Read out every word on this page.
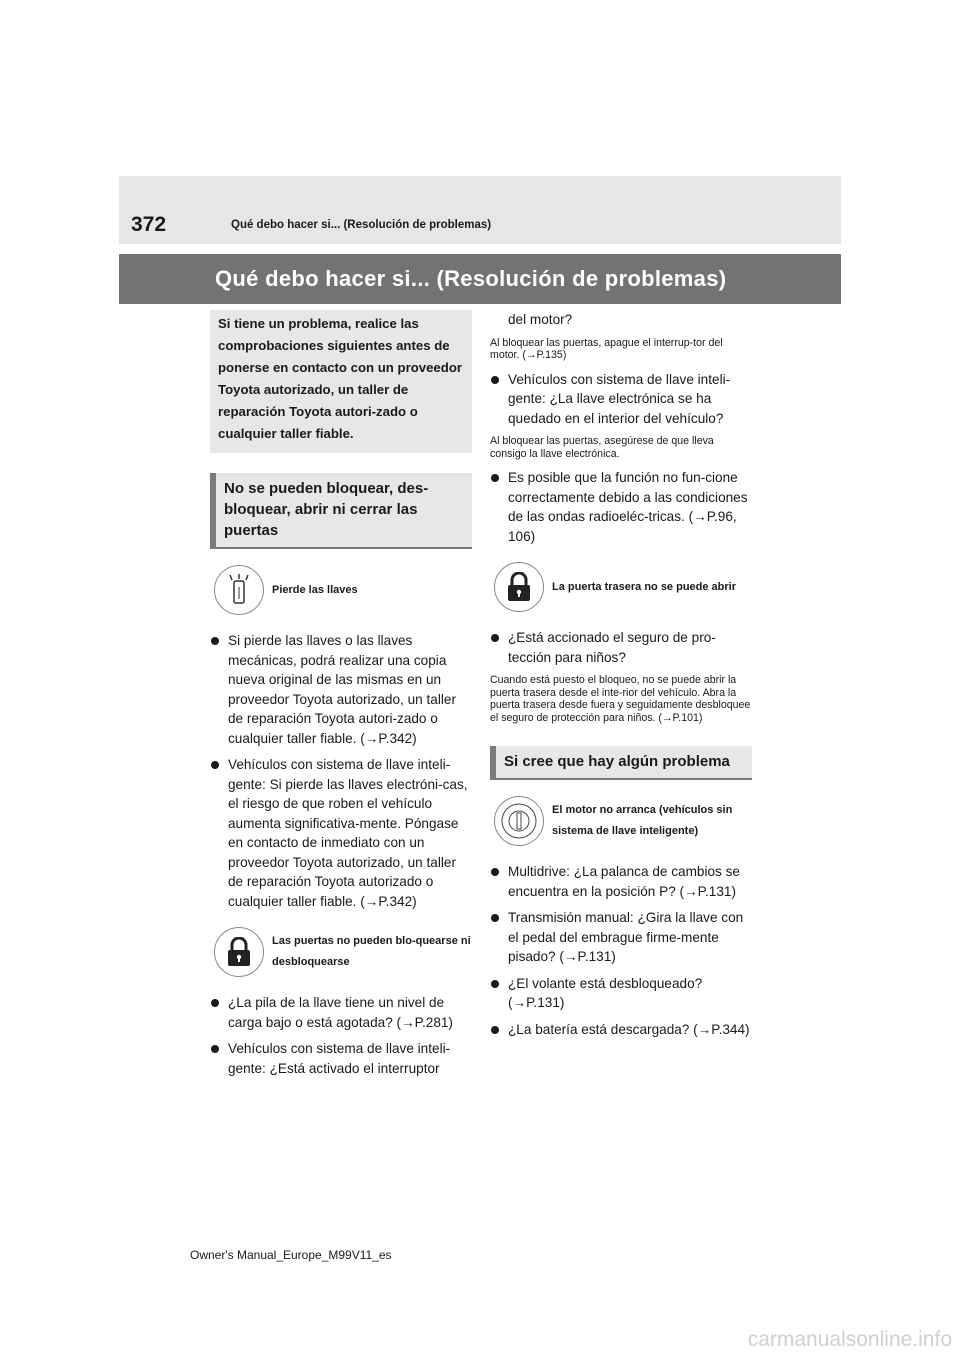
372	Qué debo hacer si... (Resolución de problemas)
Qué debo hacer si... (Resolución de problemas)
Si tiene un problema, realice las comprobaciones siguientes antes de ponerse en contacto con un proveedor Toyota autorizado, un taller de reparación Toyota autori-zado o cualquier taller fiable.
No se pueden bloquear, des-bloquear, abrir ni cerrar las puertas
Pierde las llaves
Si pierde las llaves o las llaves mecánicas, podrá realizar una copia nueva original de las mismas en un proveedor Toyota autorizado, un taller de reparación Toyota autori-zado o cualquier taller fiable. (→P.342)
Vehículos con sistema de llave inteli-gente: Si pierde las llaves electróni-cas, el riesgo de que roben el vehículo aumenta significativa-mente. Póngase en contacto de inmediato con un proveedor Toyota autorizado, un taller de reparación Toyota autorizado o cualquier taller fiable. (→P.342)
Las puertas no pueden blo-quearse ni desbloquearse
¿La pila de la llave tiene un nivel de carga bajo o está agotada? (→P.281)
Vehículos con sistema de llave inteli-gente: ¿Está activado el interruptor
del motor?
Al bloquear las puertas, apague el interrup-tor del motor. (→P.135)
Vehículos con sistema de llave inteli-gente: ¿La llave electrónica se ha quedado en el interior del vehículo?
Al bloquear las puertas, asegúrese de que lleva consigo la llave electrónica.
Es posible que la función no fun-cione correctamente debido a las condiciones de las ondas radioeléc-tricas. (→P.96, 106)
La puerta trasera no se puede abrir
¿Está accionado el seguro de pro-tección para niños?
Cuando está puesto el bloqueo, no se puede abrir la puerta trasera desde el inte-rior del vehículo. Abra la puerta trasera desde fuera y seguidamente desbloquee el seguro de protección para niños. (→P.101)
Si cree que hay algún problema
El motor no arranca (vehículos sin sistema de llave inteligente)
Multidrive: ¿La palanca de cambios se encuentra en la posición P? (→P.131)
Transmisión manual: ¿Gira la llave con el pedal del embrague firme-mente pisado? (→P.131)
¿El volante está desbloqueado? (→P.131)
¿La batería está descargada? (→P.344)
Owner's Manual_Europe_M99V11_es
carmanualsonline.info
